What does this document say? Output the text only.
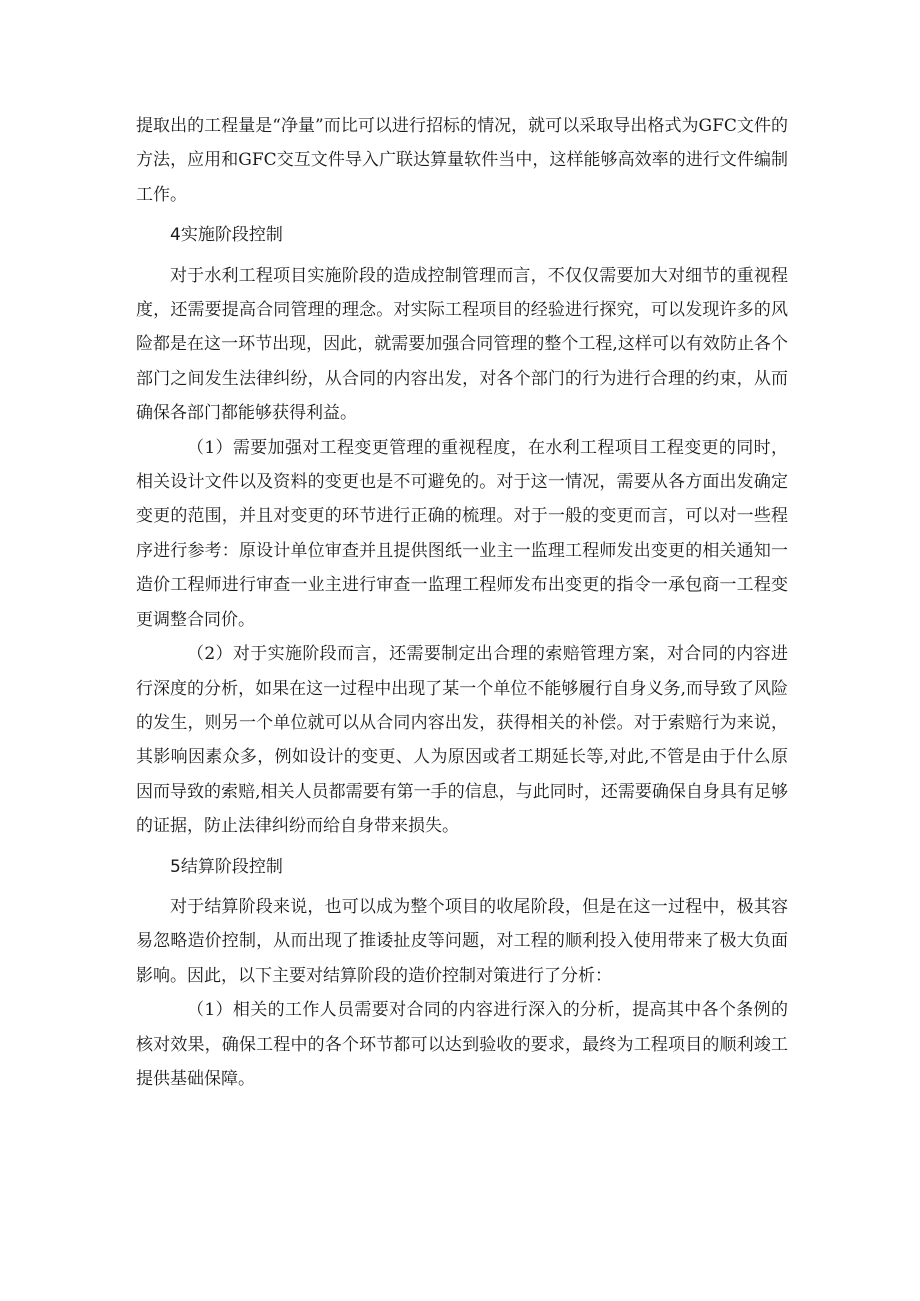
提取出的工程量是“净量”而比可以进行招标的情况，就可以采取导出格式为GFC文件的方法，应用和GFC交互文件导入广联达算量软件当中，这样能够高效率的进行文件编制工作。

4实施阶段控制

对于水利工程项目实施阶段的造成控制管理而言，不仅仅需要加大对细节的重视程度，还需要提高合同管理的理念。对实际工程项目的经验进行探究，可以发现许多的风险都是在这一环节出现，因此，就需要加强合同管理的整个工程,这样可以有效防止各个部门之间发生法律纠纷，从合同的内容出发，对各个部门的行为进行合理的约束，从而确保各部门都能够获得利益。

（1）需要加强对工程变更管理的重视程度，在水利工程项目工程变更的同时，相关设计文件以及资料的变更也是不可避免的。对于这一情况，需要从各方面出发确定变更的范围，并且对变更的环节进行正确的梳理。对于一般的变更而言，可以对一些程序进行参考：原设计单位审查并且提供图纸一业主一监理工程师发出变更的相关通知一造价工程师进行审查一业主进行审查一监理工程师发布出变更的指令一承包商一工程变更调整合同价。

（2）对于实施阶段而言，还需要制定出合理的索赔管理方案，对合同的内容进行深度的分析，如果在这一过程中出现了某一个单位不能够履行自身义务,而导致了风险的发生，则另一个单位就可以从合同内容出发，获得相关的补偿。对于索赔行为来说，其影响因素众多，例如设计的变更、人为原因或者工期延长等,对此,不管是由于什么原因而导致的索赔,相关人员都需要有第一手的信息，与此同时，还需要确保自身具有足够的证据，防止法律纠纷而给自身带来损失。

5结算阶段控制

对于结算阶段来说，也可以成为整个项目的收尾阶段，但是在这一过程中，极其容易忽略造价控制，从而出现了推诿扯皮等问题，对工程的顺利投入使用带来了极大负面影响。因此，以下主要对结算阶段的造价控制对策进行了分析：

（1）相关的工作人员需要对合同的内容进行深入的分析，提高其中各个条例的核对效果，确保工程中的各个环节都可以达到验收的要求，最终为工程项目的顺利竣工提供基础保障。
